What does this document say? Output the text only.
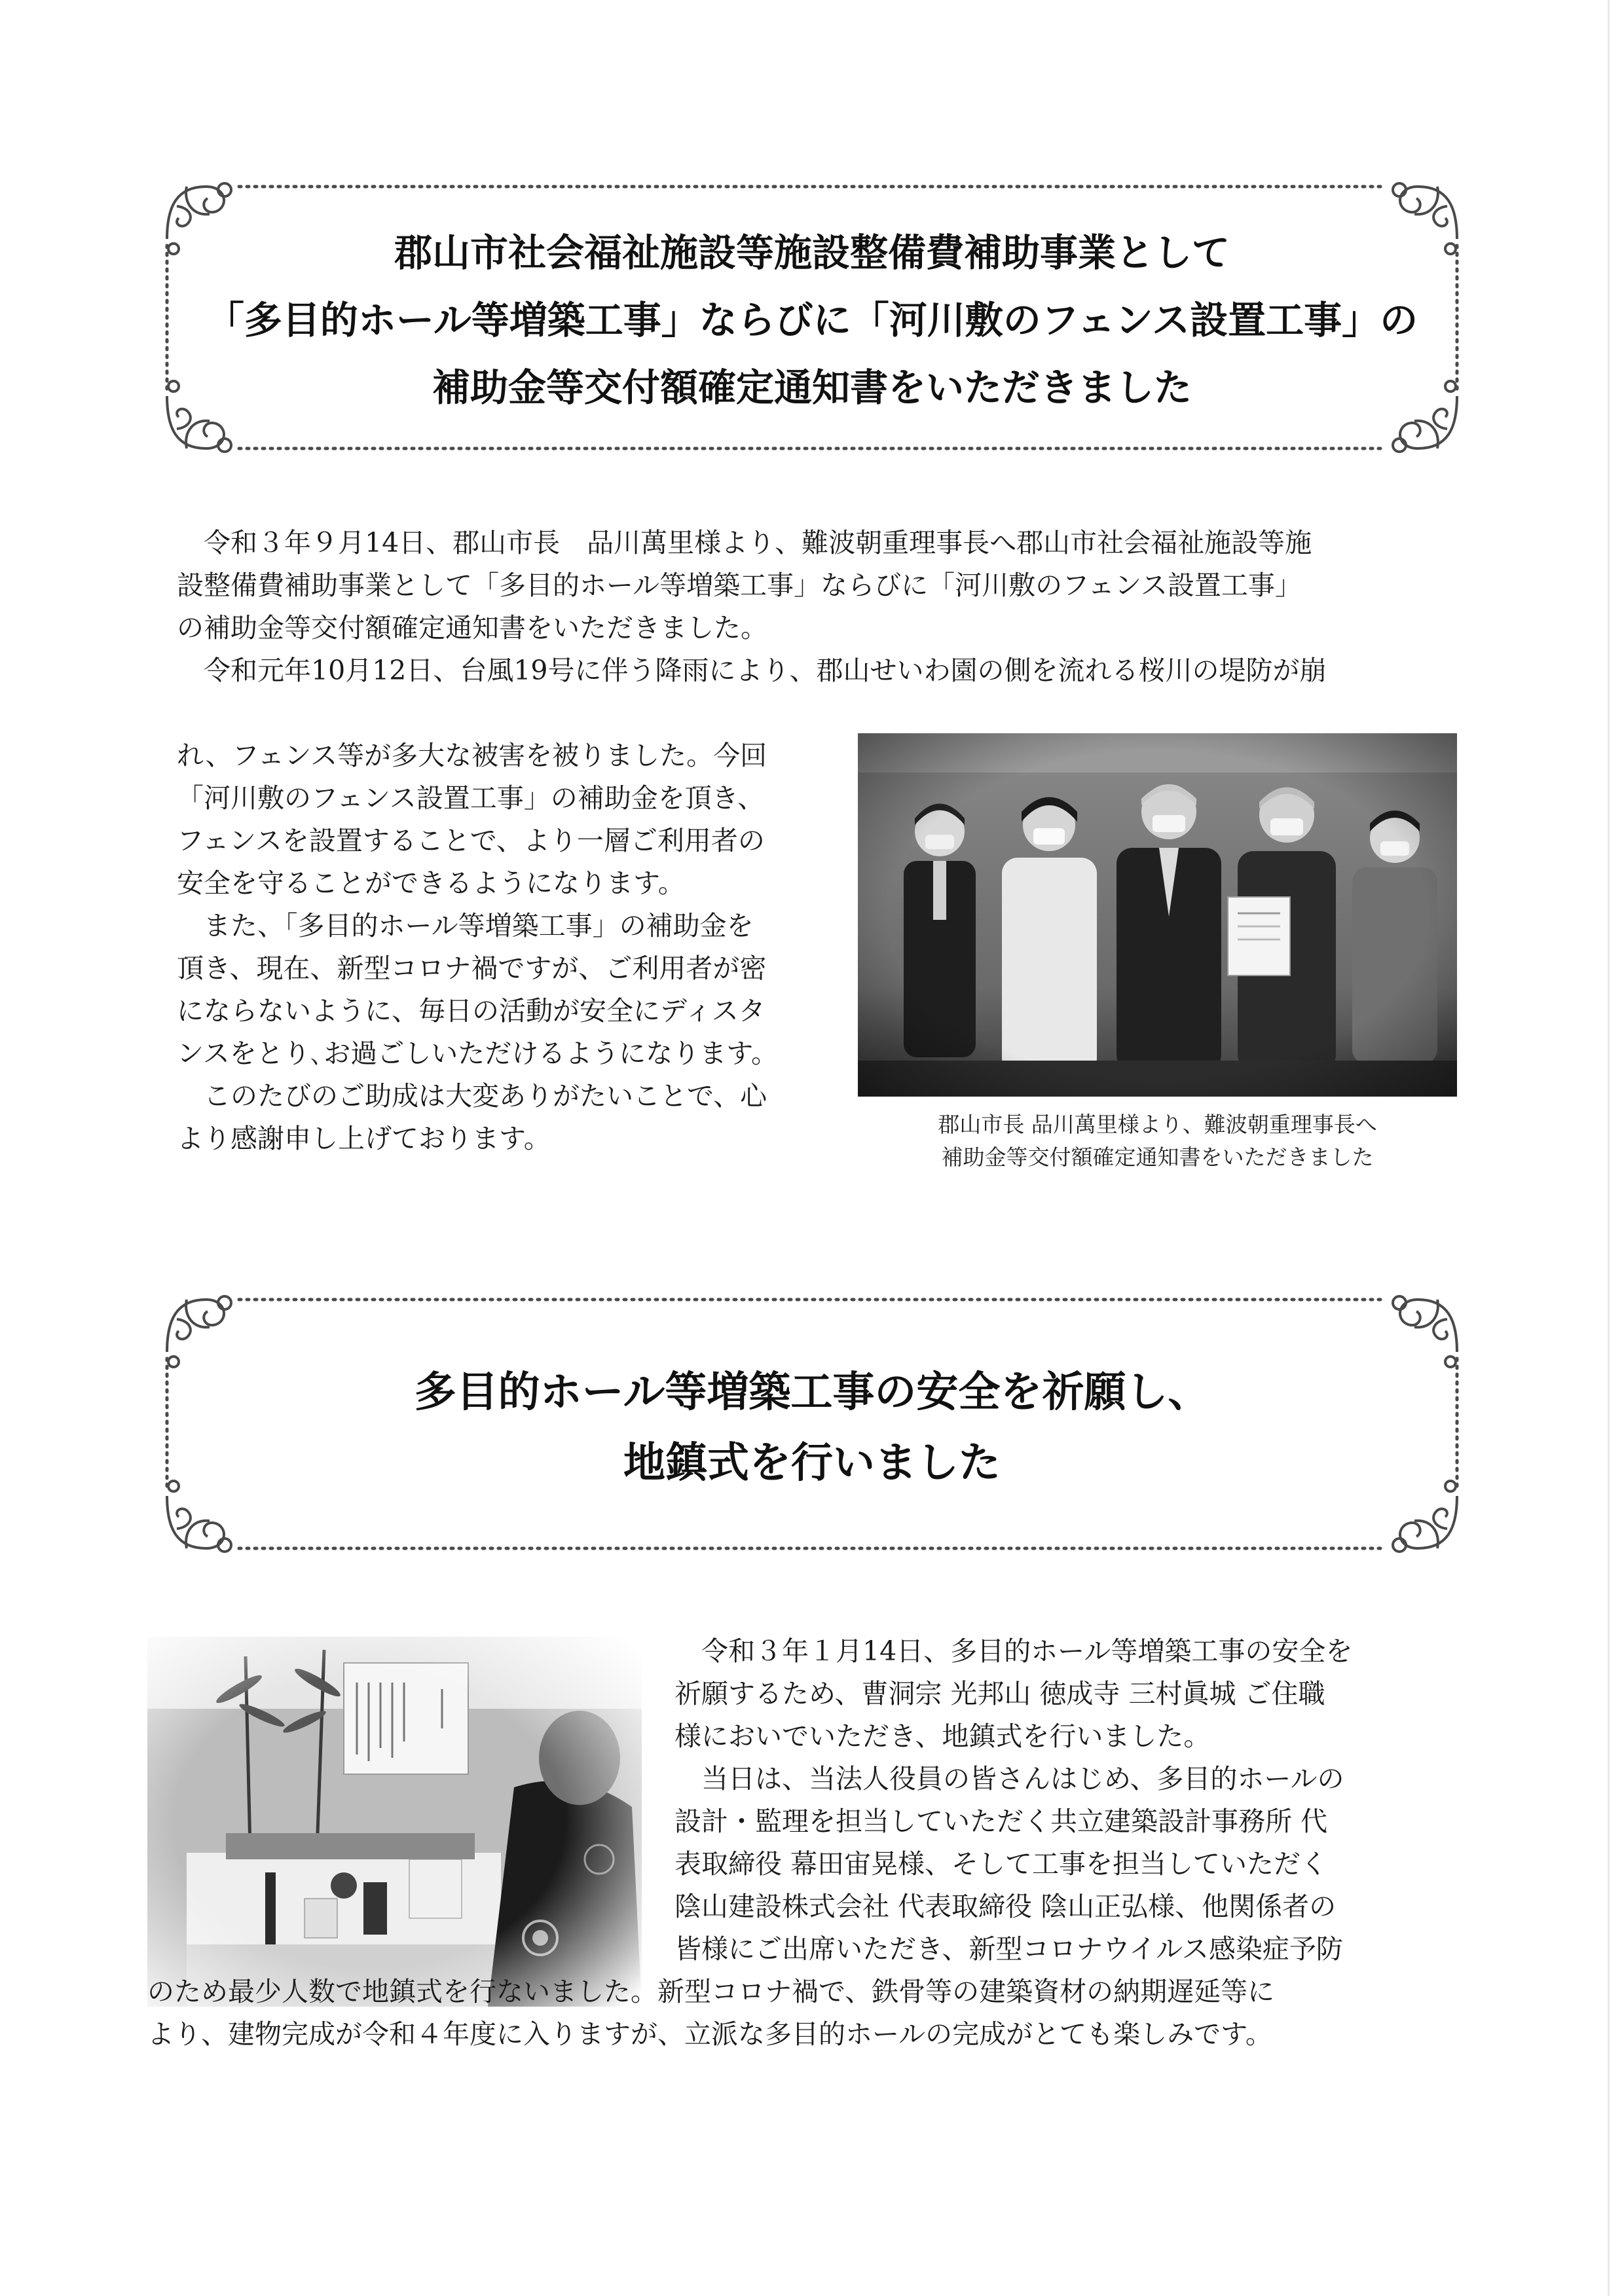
郡山市社会福祉施設等施設整備費補助事業として
「多目的ホール等増築工事」ならびに「河川敷のフェンス設置工事」の
補助金等交付額確定通知書をいただきました
令和３年９月14日、郡山市長　品川萬里様より、難波朝重理事長へ郡山市社会福祉施設等施
設整備費補助事業として「多目的ホール等増築工事」ならびに「河川敷のフェンス設置工事」
の補助金等交付額確定通知書をいただきました。
令和元年10月12日、台風19号に伴う降雨により、郡山せいわ園の側を流れる桜川の堤防が崩
れ、フェンス等が多大な被害を被りました。今回
「河川敷のフェンス設置工事」の補助金を頂き、
フェンスを設置することで、より一層ご利用者の
安全を守ることができるようになります。
また、「多目的ホール等増築工事」の補助金を
頂き、現在、新型コロナ禍ですが、ご利用者が密
にならないように、毎日の活動が安全にディスタ
ンスをとり､お過ごしいただけるようになります。
このたびのご助成は大変ありがたいことで、心
より感謝申し上げております。	郡山市長 品川萬里様より、難波朝重理事長へ
補助金等交付額確定通知書をいただきました
多目的ホール等増築工事の安全を祈願し、
地鎮式を行いました
令和３年１月14日、多目的ホール等増築工事の安全を
祈願するため、曹洞宗 光邦山 徳成寺 三村眞城 ご住職
様においでいただき、地鎮式を行いました。
当日は、当法人役員の皆さんはじめ、多目的ホールの
設計・監理を担当していただく共立建築設計事務所 代
表取締役 幕田宙晃様、そして工事を担当していただく
陰山建設株式会社 代表取締役 陰山正弘様、他関係者の
皆様にご出席いただき、新型コロナウイルス感染症予防
のため最少人数で地鎮式を行ないました。新型コロナ禍で、鉄骨等の建築資材の納期遅延等に
より、建物完成が令和４年度に入りますが、立派な多目的ホールの完成がとても楽しみです。
